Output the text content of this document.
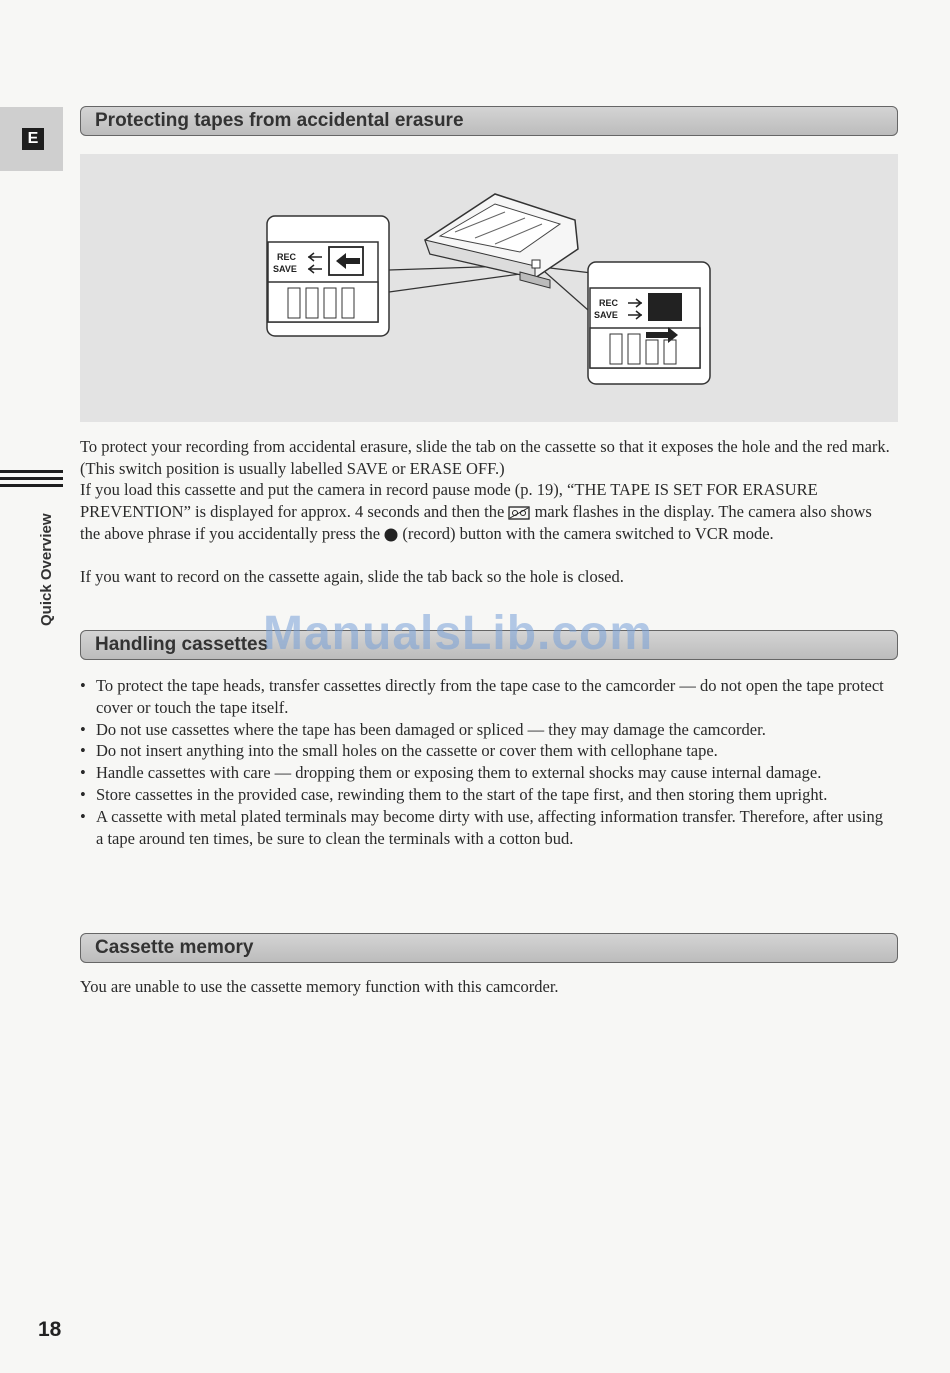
E
Quick Overview
Protecting tapes from accidental erasure
REC
SAVE
REC
SAVE

To protect your recording from accidental erasure, slide the tab on the cassette so that it exposes the hole and the red mark. (This switch position is usually labelled SAVE or ERASE OFF.)

If you load this cassette and put the camera in record pause mode (p. 19), “THE TAPE IS SET FOR ERASURE PREVENTION” is displayed for approx. 4 seconds and then the mark flashes in the display. The camera also shows the above phrase if you accidentally press the (record) button with the camera switched to VCR mode.

If you want to record on the cassette again, slide the tab back so the hole is closed.

Handling cassettes
ManualsLib.com
• To protect the tape heads, transfer cassettes directly from the tape case to the camcorder — do not open the tape protect cover or touch the tape itself.
• Do not use cassettes where the tape has been damaged or spliced — they may damage the camcorder.
• Do not insert anything into the small holes on the cassette or cover them with cellophane tape.
• Handle cassettes with care — dropping them or exposing them to external shocks may cause internal damage.
• Store cassettes in the provided case, rewinding them to the start of the tape first, and then storing them upright.
• A cassette with metal plated terminals may become dirty with use, affecting information transfer. Therefore, after using a tape around ten times, be sure to clean the terminals with a cotton bud.
Cassette memory

You are unable to use the cassette memory function with this camcorder.

18
